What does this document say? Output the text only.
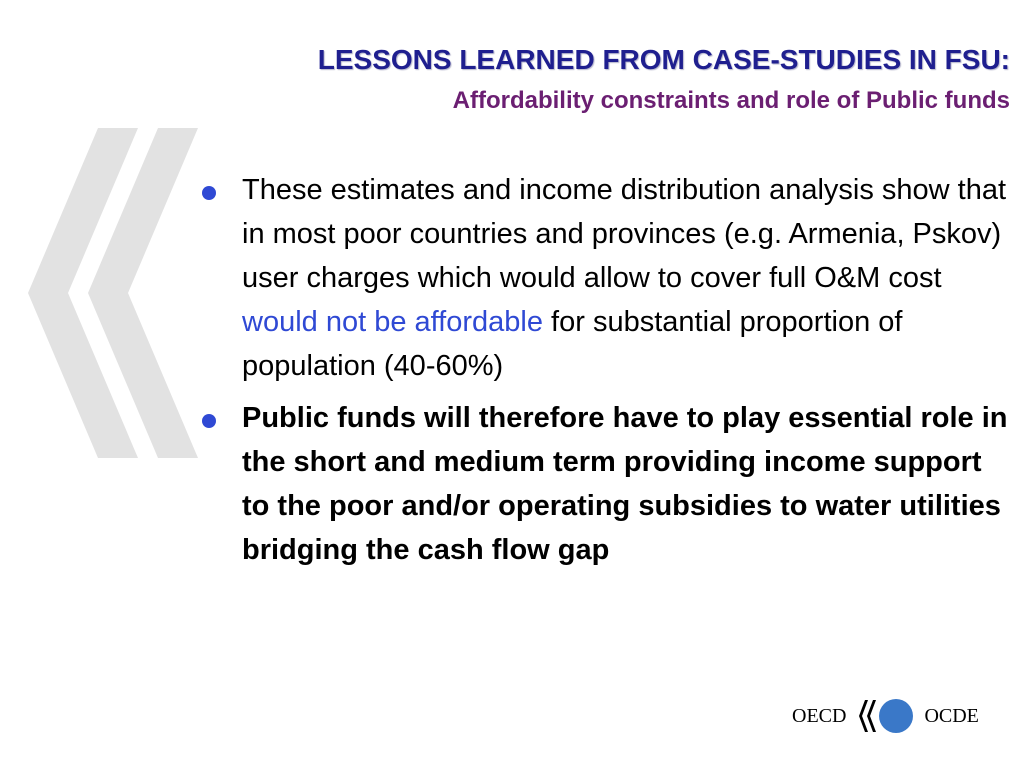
LESSONS LEARNED FROM CASE-STUDIES IN FSU:
Affordability constraints and role of Public funds
These estimates and income distribution analysis show that in most poor countries and provinces (e.g. Armenia, Pskov) user charges which would allow to cover full O&M cost would not be affordable for substantial proportion of population (40-60%)
Public funds will therefore have to play essential role in the short and medium term providing income support to the poor and/or operating subsidies to water utilities bridging the cash flow gap
OECD	OCDE
